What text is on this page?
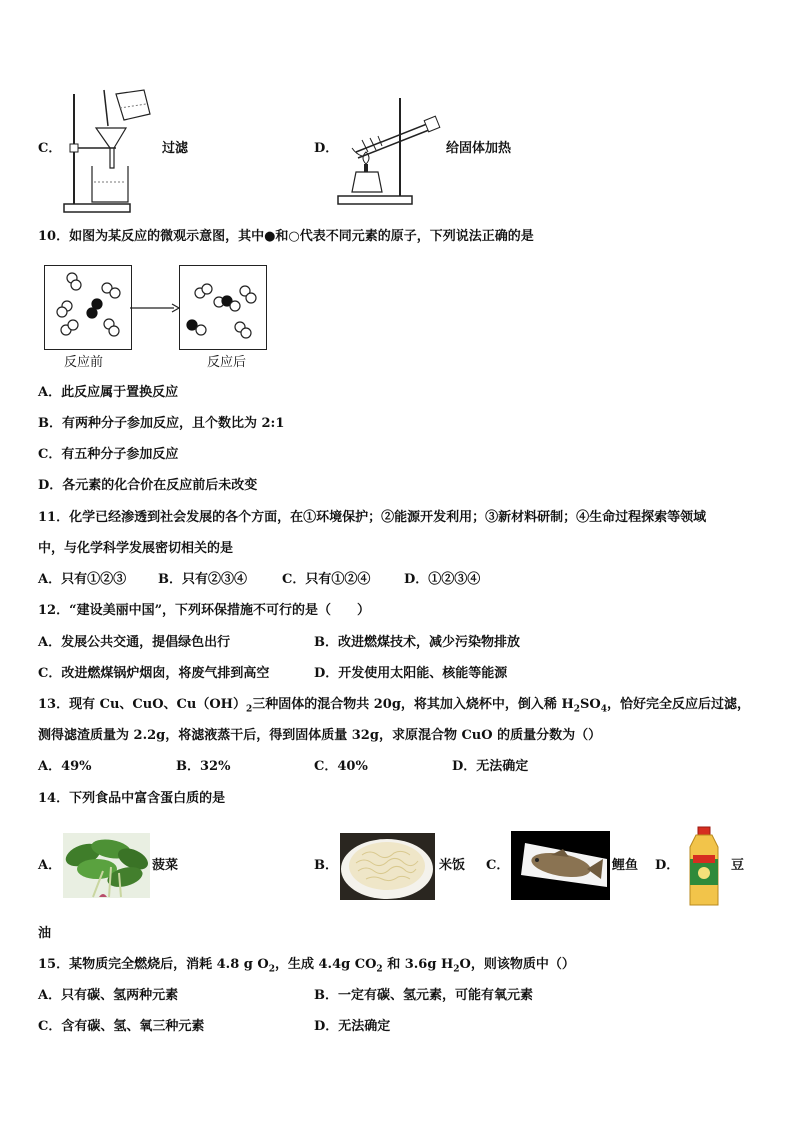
C．	过滤	D．	给固体加热
10．如图为某反应的微观示意图，其中●和○代表不同元素的原子，下列说法正确的是
反应前	反应后
A．此反应属于置换反应
B．有两种分子参加反应，且个数比为 2:1
C．有五种分子参加反应
D．各元素的化合价在反应前后未改变
11．化学已经渗透到社会发展的各个方面，在①环境保护；②能源开发利用；③新材料研制；④生命过程探索等领域
中，与化学科学发展密切相关的是
A．只有①②③ B．只有②③④	C．只有①②④	D．①②③④
12．“建设美丽中国”，下列环保措施不可行的是（　　）
A．发展公共交通，提倡绿色出行	B．改进燃煤技术，减少污染物排放
C．改进燃煤锅炉烟囱，将废气排到高空	D．开发使用太阳能、核能等能源
13．现有 Cu、CuO、$Cu(OH)_2$三种固体的混合物共 20g，将其加入烧杯中，倒入稀 $H_2SO_4$，恰好完全反应后过滤，
测得滤渣质量为 2.2g，将滤液蒸干后，得到固体质量 32g，求原混合物 CuO 的质量分数为（）
A．49%	B．32%	C．40%	D．无法确定
14．下列食品中富含蛋白质的是
A．	菠菜	B．	米饭 C．	鲤鱼 D．	豆
油
15．某物质完全燃烧后，消耗 4.8 g $O_2$，生成 4.4g $CO_2$ 和 3.6g $H_2O$，则该物质中（）
A．只有碳、氢两种元素	B．一定有碳、氢元素，可能有氧元素
C．含有碳、氢、氧三种元素	D．无法确定
